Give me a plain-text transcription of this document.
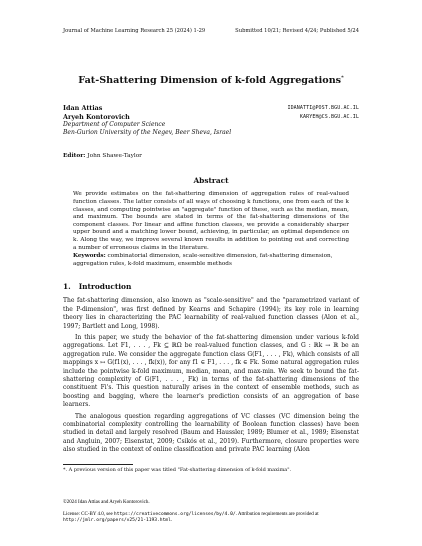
Journal of Machine Learning Research 25 (2024) 1-29	Submitted 10/21; Revised 4/24; Published 5/24
Fat-Shattering Dimension of k-fold Aggregations*
Idan Attias	IDANATTI@POST.BGU.AC.IL
Aryeh Kontorovich	KARYEH@CS.BGU.AC.IL
Department of Computer Science
Ben-Gurion University of the Negev, Beer Sheva, Israel
Editor: John Shawe-Taylor
Abstract
We provide estimates on the fat-shattering dimension of aggregation rules of real-valued function classes. The latter consists of all ways of choosing k functions, one from each of the k classes, and computing pointwise an "aggregate" function of these, such as the median, mean, and maximum. The bounds are stated in terms of the fat-shattering dimensions of the component classes. For linear and affine function classes, we provide a considerably sharper upper bound and a matching lower bound, achieving, in particular, an optimal dependence on k. Along the way, we improve several known results in addition to pointing out and correcting a number of erroneous claims in the literature.
Keywords: combinatorial dimension, scale-sensitive dimension, fat-shattering dimension, aggregation rules, k-fold maximum, ensemble methods
1. Introduction
The fat-shattering dimension, also known as "scale-sensitive" and the "parametrized variant of the P-dimension", was first defined by Kearns and Schapire (1994); its key role in learning theory lies in characterizing the PAC learnability of real-valued function classes (Alon et al., 1997; Bartlett and Long, 1998).
In this paper, we study the behavior of the fat-shattering dimension under various k-fold aggregations. Let F1, . . . , Fk ⊆ ℝΩ be real-valued function classes, and G : ℝk → ℝ be an aggregation rule. We consider the aggregate function class G(F1, . . . , Fk), which consists of all mappings x ↦ G(f1(x), . . . , fk(x)), for any f1 ∈ F1, . . . , fk ∈ Fk. Some natural aggregation rules include the pointwise k-fold maximum, median, mean, and max-min. We seek to bound the fat-shattering complexity of G(F1, . . . , Fk) in terms of the fat-shattering dimensions of the constituent Fi's. This question naturally arises in the context of ensemble methods, such as boosting and bagging, where the learner's prediction consists of an aggregation of base learners.
The analogous question regarding aggregations of VC classes (VC dimension being the combinatorial complexity controlling the learnability of Boolean function classes) have been studied in detail and largely resolved (Baum and Haussler, 1989; Blumer et al., 1989; Eisenstat and Angluin, 2007; Eisenstat, 2009; Csikós et al., 2019). Furthermore, closure properties were also studied in the context of online classification and private PAC learning (Alon
*. A previous version of this paper was titled "Fat-shattering dimension of k-fold maxima".
©2024 Idan Attias and Aryeh Kontorovich.
License: CC-BY 4.0, see https://creativecommons.org/licenses/by/4.0/. Attribution requirements are provided at http://jmlr.org/papers/v25/21-1193.html.
